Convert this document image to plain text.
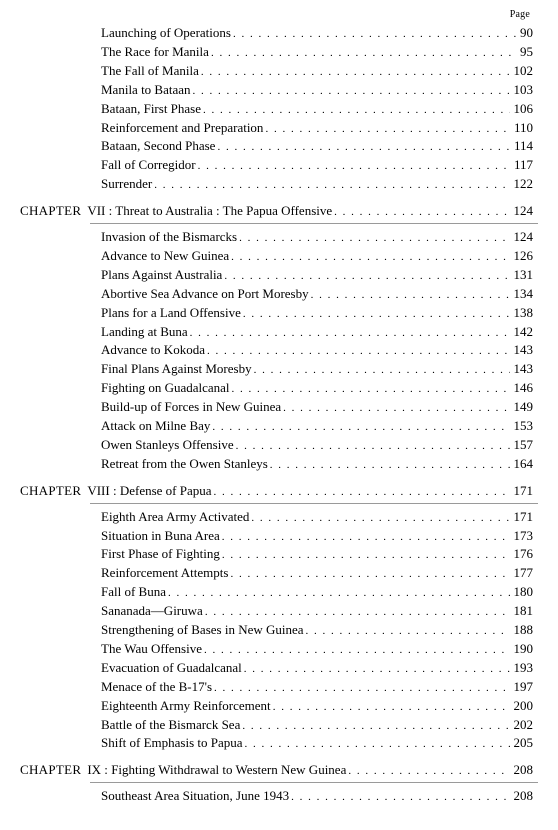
Page
Launching of Operations . . .	90
The Race for Manila . . .	95
The Fall of Manila . . .	102
Manila to Bataan . . .	103
Bataan, First Phase . . .	106
Reinforcement and Preparation . . .	110
Bataan, Second Phase . . .	114
Fall of Corregidor . . .	117
Surrender . . .	122
CHAPTER VII : Threat to Australia : The Papua Offensive . . .	124
Invasion of the Bismarcks . . .	124
Advance to New Guinea . . .	126
Plans Against Australia . . .	131
Abortive Sea Advance on Port Moresby . . .	134
Plans for a Land Offensive . . .	138
Landing at Buna . . .	142
Advance to Kokoda . . .	143
Final Plans Against Moresby . . .	143
Fighting on Guadalcanal . . .	146
Build-up of Forces in New Guinea . . .	149
Attack on Milne Bay . . .	153
Owen Stanleys Offensive . . .	157
Retreat from the Owen Stanleys . . .	164
CHAPTER VIII : Defense of Papua . . .	171
Eighth Area Army Activated . . .	171
Situation in Buna Area . . .	173
First Phase of Fighting . . .	176
Reinforcement Attempts . . .	177
Fall of Buna . . .	180
Sananada—Giruwa . . .	181
Strengthening of Bases in New Guinea . . .	188
The Wau Offensive . . .	190
Evacuation of Guadalcanal . . .	193
Menace of the B-17's . . .	197
Eighteenth Army Reinforcement . . .	200
Battle of the Bismarck Sea . . .	202
Shift of Emphasis to Papua . . .	205
CHAPTER IX : Fighting Withdrawal to Western New Guinea . . .	208
Southeast Area Situation, June 1943 . . .	208
